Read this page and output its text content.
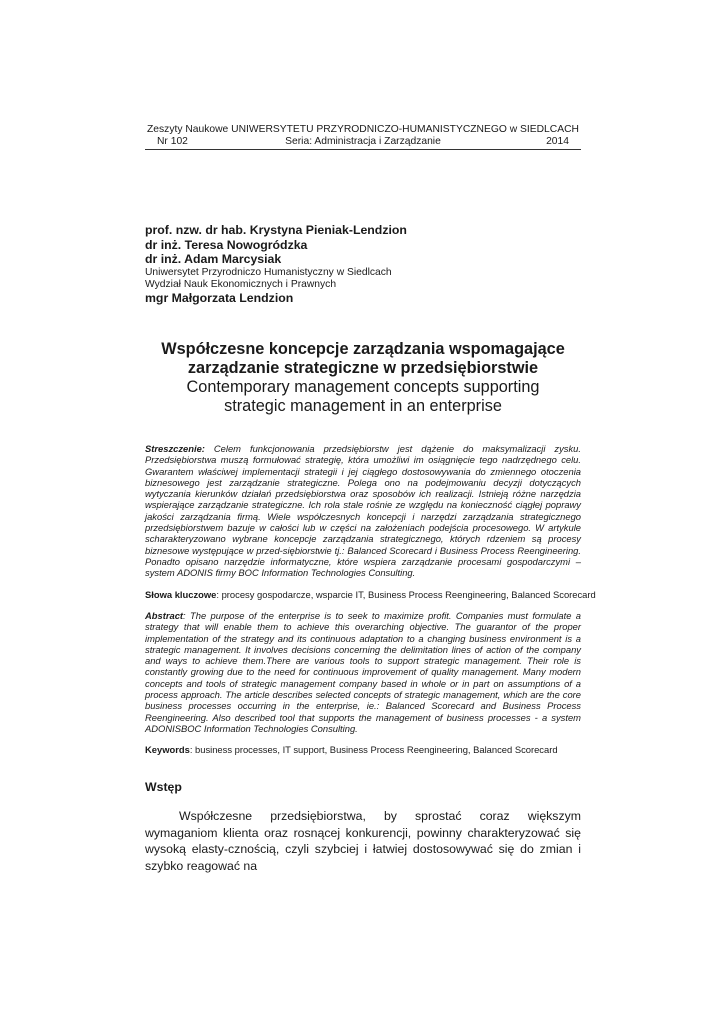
Zeszyty Naukowe UNIWERSYTETU PRZYRODNICZO-HUMANISTYCZNEGO w SIEDLCACH
Nr 102	Seria: Administracja i Zarządzanie	2014
prof. nzw. dr hab. Krystyna Pieniak-Lendzion
dr inż. Teresa Nowogródzka
dr inż. Adam Marcysiak
Uniwersytet Przyrodniczo Humanistyczny w Siedlcach
Wydział Nauk Ekonomicznych i Prawnych
mgr Małgorzata Lendzion
Współczesne koncepcje zarządzania wspomagające
zarządzanie strategiczne w przedsiębiorstwie
Contemporary management concepts supporting
strategic management in an enterprise
Streszczenie: Celem funkcjonowania przedsiębiorstw jest dążenie do maksymalizacji zysku. Przedsiębiorstwa muszą formułować strategię, która umożliwi im osiągnięcie tego nadrzędnego celu. Gwarantem właściwej implementacji strategii i jej ciągłego dostosowywania do zmiennego otoczenia biznesowego jest zarządzanie strategiczne. Polega ono na podejmowaniu decyzji dotyczących wytyczania kierunków działań przedsiębiorstwa oraz sposobów ich realizacji. Istnieją różne narzędzia wspierające zarządzanie strategiczne. Ich rola stale rośnie ze względu na konieczność ciągłej poprawy jakości zarządzania firmą. Wiele współczesnych koncepcji i narzędzi zarządzania strategicznego przedsiębiorstwem bazuje w całości lub w części na założeniach podejścia procesowego. W artykule scharakteryzowano wybrane koncepcje zarządzania strategicznego, których rdzeniem są procesy biznesowe występujące w przed-siębiorstwie tj.: Balanced Scorecard i Business Process Reengineering. Ponadto opisano narzędzie informatyczne, które wspiera zarządzanie procesami gospodarczymi – system ADONIS firmy BOC Information Technologies Consulting.
Słowa kluczowe: procesy gospodarcze, wsparcie IT, Business Process Reengineering, Balanced Scorecard
Abstract: The purpose of the enterprise is to seek to maximize profit. Companies must formulate a strategy that will enable them to achieve this overarching objective. The guarantor of the proper implementation of the strategy and its continuous adaptation to a changing business environment is a strategic management. It involves decisions concerning the delimitation lines of action of the company and ways to achieve them.There are various tools to support strategic management. Their role is constantly growing due to the need for continuous improvement of quality management. Many modern concepts and tools of strategic management company based in whole or in part on assumptions of a process approach. The article describes selected concepts of strategic management, which are the core business processes occurring in the enterprise, ie.: Balanced Scorecard and Business Process Reengineering. Also described tool that supports the management of business processes - a system ADONISBOC Information Technologies Consulting.
Keywords: business processes, IT support, Business Process Reengineering, Balanced Scorecard
Wstęp
Współczesne przedsiębiorstwa, by sprostać coraz większym wymaganiom klienta oraz rosnącej konkurencji, powinny charakteryzować się wysoką elasty-cznością, czyli szybciej i łatwiej dostosowywać się do zmian i szybko reagować na
